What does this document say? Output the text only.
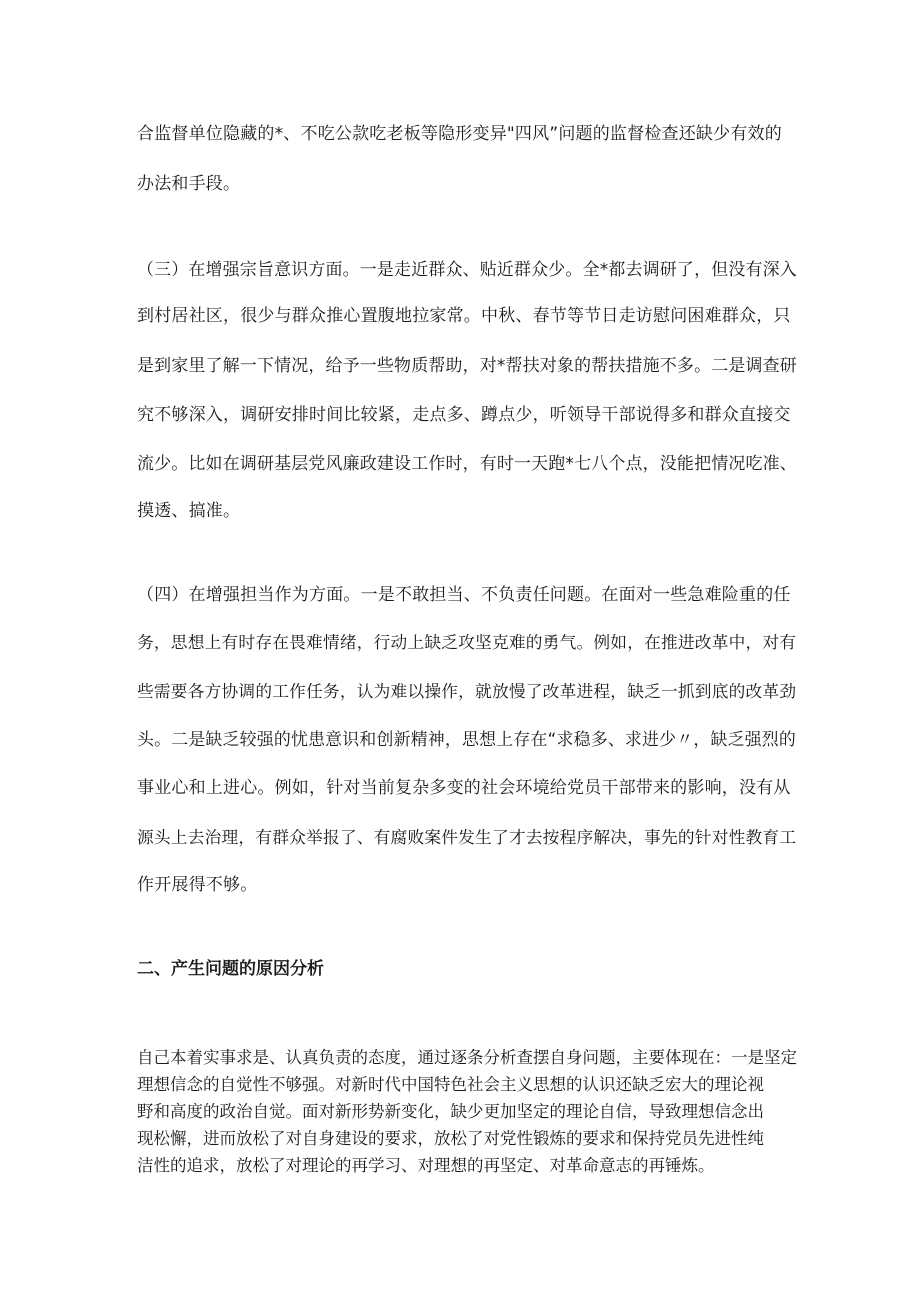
合监督单位隐藏的*、不吃公款吃老板等隐形变异"四风”问题的监督检查还缺少有效的
办法和手段。
（三）在增强宗旨意识方面。一是走近群众、贴近群众少。全*都去调研了，但没有深入
到村居社区，很少与群众推心置腹地拉家常。中秋、春节等节日走访慰问困难群众，只
是到家里了解一下情况，给予一些物质帮助，对*帮扶对象的帮扶措施不多。二是调查研
究不够深入，调研安排时间比较紧，走点多、蹲点少，听领导干部说得多和群众直接交
流少。比如在调研基层党风廉政建设工作时，有时一天跑*七八个点，没能把情况吃准、
摸透、搞准。
（四）在增强担当作为方面。一是不敢担当、不负责任问题。在面对一些急难险重的任
务，思想上有时存在畏难情绪，行动上缺乏攻坚克难的勇气。例如，在推进改革中，对有
些需要各方协调的工作任务，认为难以操作，就放慢了改革进程，缺乏一抓到底的改革劲
头。二是缺乏较强的忧患意识和创新精神，思想上存在“求稳多、求进少〃，缺乏强烈的
事业心和上进心。例如，针对当前复杂多变的社会环境给党员干部带来的影响，没有从
源头上去治理，有群众举报了、有腐败案件发生了才去按程序解决，事先的针对性教育工
作开展得不够。
二、产生问题的原因分析
自己本着实事求是、认真负责的态度，通过逐条分析查摆自身问题，主要体现在：一是坚定
理想信念的自觉性不够强。对新时代中国特色社会主义思想的认识还缺乏宏大的理论视
野和高度的政治自觉。面对新形势新变化，缺少更加坚定的理论自信，导致理想信念出
现松懈，进而放松了对自身建设的要求，放松了对党性锻炼的要求和保持党员先进性纯
洁性的追求，放松了对理论的再学习、对理想的再坚定、对革命意志的再锤炼。
